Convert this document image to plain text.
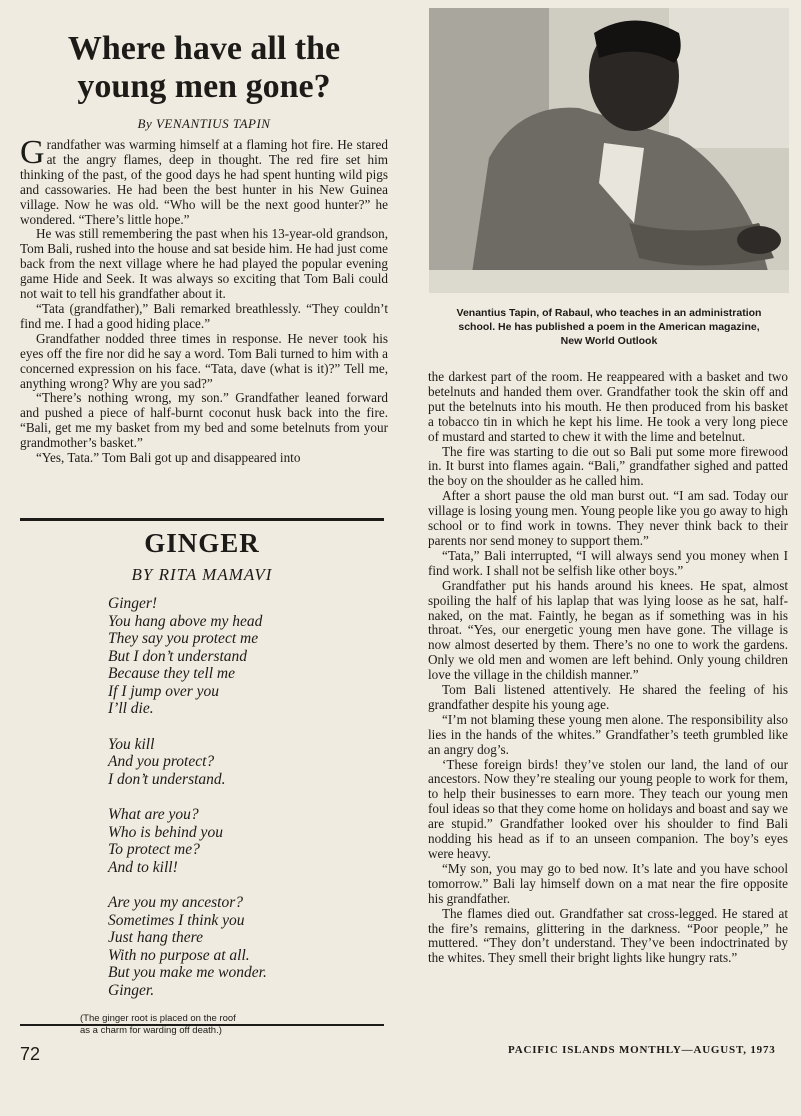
Where have all the
young men gone?
By VENANTIUS TAPIN

Grandfather was warming himself at a flaming hot fire. He stared at the angry flames, deep in thought. The red fire set him thinking of the past, of the good days he had spent hunting wild pigs and cassowaries. He had been the best hunter in his New Guinea village. Now he was old. “Who will be the next good hunter?” he wondered. “There’s little hope.”

He was still remembering the past when his 13-year-old grandson, Tom Bali, rushed into the house and sat beside him. He had just come back from the next village where he had played the popular evening game Hide and Seek. It was always so exciting that Tom Bali could not wait to tell his grandfather about it.

“Tata (grandfather),” Bali remarked breathlessly. “They couldn’t find me. I had a good hiding place.”

Grandfather nodded three times in response. He never took his eyes off the fire nor did he say a word. Tom Bali turned to him with a concerned expression on his face. “Tata, dave (what is it)?” Tell me, anything wrong? Why are you sad?”

“There’s nothing wrong, my son.” Grandfather leaned forward and pushed a piece of half-burnt coconut husk back into the fire. “Bali, get me my basket from my bed and some betelnuts from your grandmother’s basket.”

“Yes, Tata.” Tom Bali got up and disappeared into

GINGER
BY RITA MAMAVI
Ginger!
You hang above my head
They say you protect me
But I don’t understand
Because they tell me
If I jump over you
I’ll die.
You kill
And you protect?
I don’t understand.
What are you?
Who is behind you
To protect me?
And to kill!
Are you my ancestor?
Sometimes I think you
Just hang there
With no purpose at all.
But you make me wonder.
Ginger.
(The ginger root is placed on the roof
as a charm for warding off death.)
Venantius Tapin, of Rabaul, who teaches in an administration
school. He has published a poem in the American magazine,
New World Outlook

the darkest part of the room. He reappeared with a basket and two betelnuts and handed them over. Grandfather took the skin off and put the betelnuts into his mouth. He then produced from his basket a tobacco tin in which he kept his lime. He took a very long piece of mustard and started to chew it with the lime and betelnut.

The fire was starting to die out so Bali put some more firewood in. It burst into flames again. “Bali,” grandfather sighed and patted the boy on the shoulder as he called him.

After a short pause the old man burst out. “I am sad. Today our village is losing young men. Young people like you go away to high school or to find work in towns. They never think back to their parents nor send money to support them.”

“Tata,” Bali interrupted, “I will always send you money when I find work. I shall not be selfish like other boys.”

Grandfather put his hands around his knees. He spat, almost spoiling the half of his laplap that was lying loose as he sat, half-naked, on the mat. Faintly, he began as if something was in his throat. “Yes, our energetic young men have gone. The village is now almost deserted by them. There’s no one to work the gardens. Only we old men and women are left behind. Only young children love the village in the childish manner.”

Tom Bali listened attentively. He shared the feeling of his grandfather despite his young age.

“I’m not blaming these young men alone. The responsibility also lies in the hands of the whites.” Grandfather’s teeth grumbled like an angry dog’s.

‘These foreign birds! they’ve stolen our land, the land of our ancestors. Now they’re stealing our young people to work for them, to help their businesses to earn more. They teach our young men foul ideas so that they come home on holidays and boast and say we are stupid.” Grandfather looked over his shoulder to find Bali nodding his head as if to an unseen companion. The boy’s eyes were heavy.

“My son, you may go to bed now. It’s late and you have school tomorrow.” Bali lay himself down on a mat near the fire opposite his grandfather.

The flames died out. Grandfather sat cross-legged. He stared at the fire’s remains, glittering in the darkness. “Poor people,” he muttered. “They don’t understand. They’ve been indoctrinated by the whites. They smell their bright lights like hungry rats.”

72	PACIFIC ISLANDS MONTHLY—AUGUST, 1973
